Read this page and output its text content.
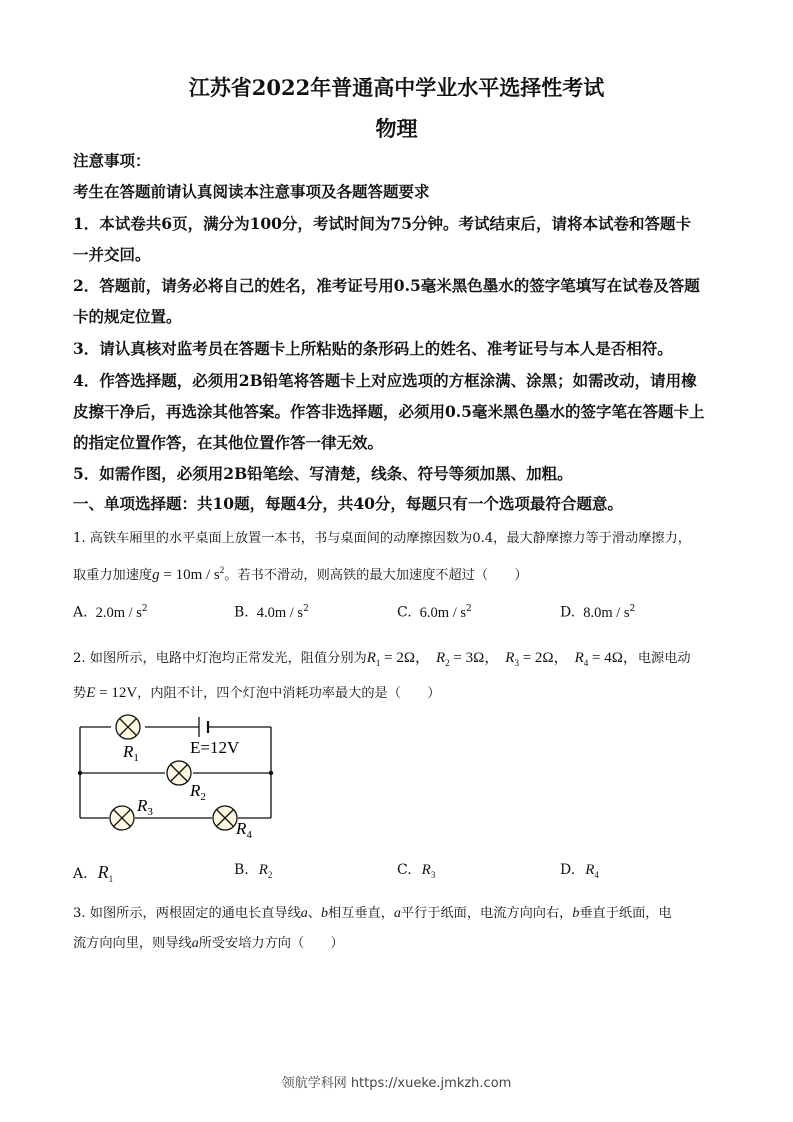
江苏省2022年普通高中学业水平选择性考试
物理
注意事项：
考生在答题前请认真阅读本注意事项及各题答题要求
1．本试卷共6页，满分为100分，考试时间为75分钟。考试结束后，请将本试卷和答题卡
一并交回。
2．答题前，请务必将自己的姓名，准考证号用0.5毫米黑色墨水的签字笔填写在试卷及答题
卡的规定位置。
3．请认真核对监考员在答题卡上所粘贴的条形码上的姓名、准考证号与本人是否相符。
4．作答选择题，必须用2B铅笔将答题卡上对应选项的方框涂满、涂黑；如需改动，请用橡
皮擦干净后，再选涂其他答案。作答非选择题，必须用0.5毫米黑色墨水的签字笔在答题卡上
的指定位置作答，在其他位置作答一律无效。
5．如需作图，必须用2B铅笔绘、写清楚，线条、符号等须加黑、加粗。
一、单项选择题：共10题，每题4分，共40分，每题只有一个选项最符合题意。
1. 高铁车厢里的水平桌面上放置一本书，书与桌面间的动摩擦因数为0.4，最大静摩擦力等于滑动摩擦力，
取重力加速度$g = 10m / s^2$。若书不滑动，则高铁的最大加速度不超过（　　）
A. $2.0m / s^2$	B. $4.0m / s^2$	C. $6.0m / s^2$	D. $8.0m / s^2$
2. 如图所示，电路中灯泡均正常发光，阻值分别为$R_1 = 2\Omega$， $R_2 = 3\Omega$， $R_3 = 2\Omega$， $R_4 = 4\Omega$，电源电动
势E = 12V，内阻不计，四个灯泡中消耗功率最大的是（　　）
$R_1$
E=12V
$R_2$
$R_3$
$R_4$
A. $R_1$
B. $R_2$	C. $R_3$	D. $R_4$
3. 如图所示，两根固定的通电长直导线a、b相互垂直，a平行于纸面，电流方向向右，b垂直于纸面，电
流方向向里，则导线a所受安培力方向（　　）
领航学科网 https://xueke.jmkzh.com
